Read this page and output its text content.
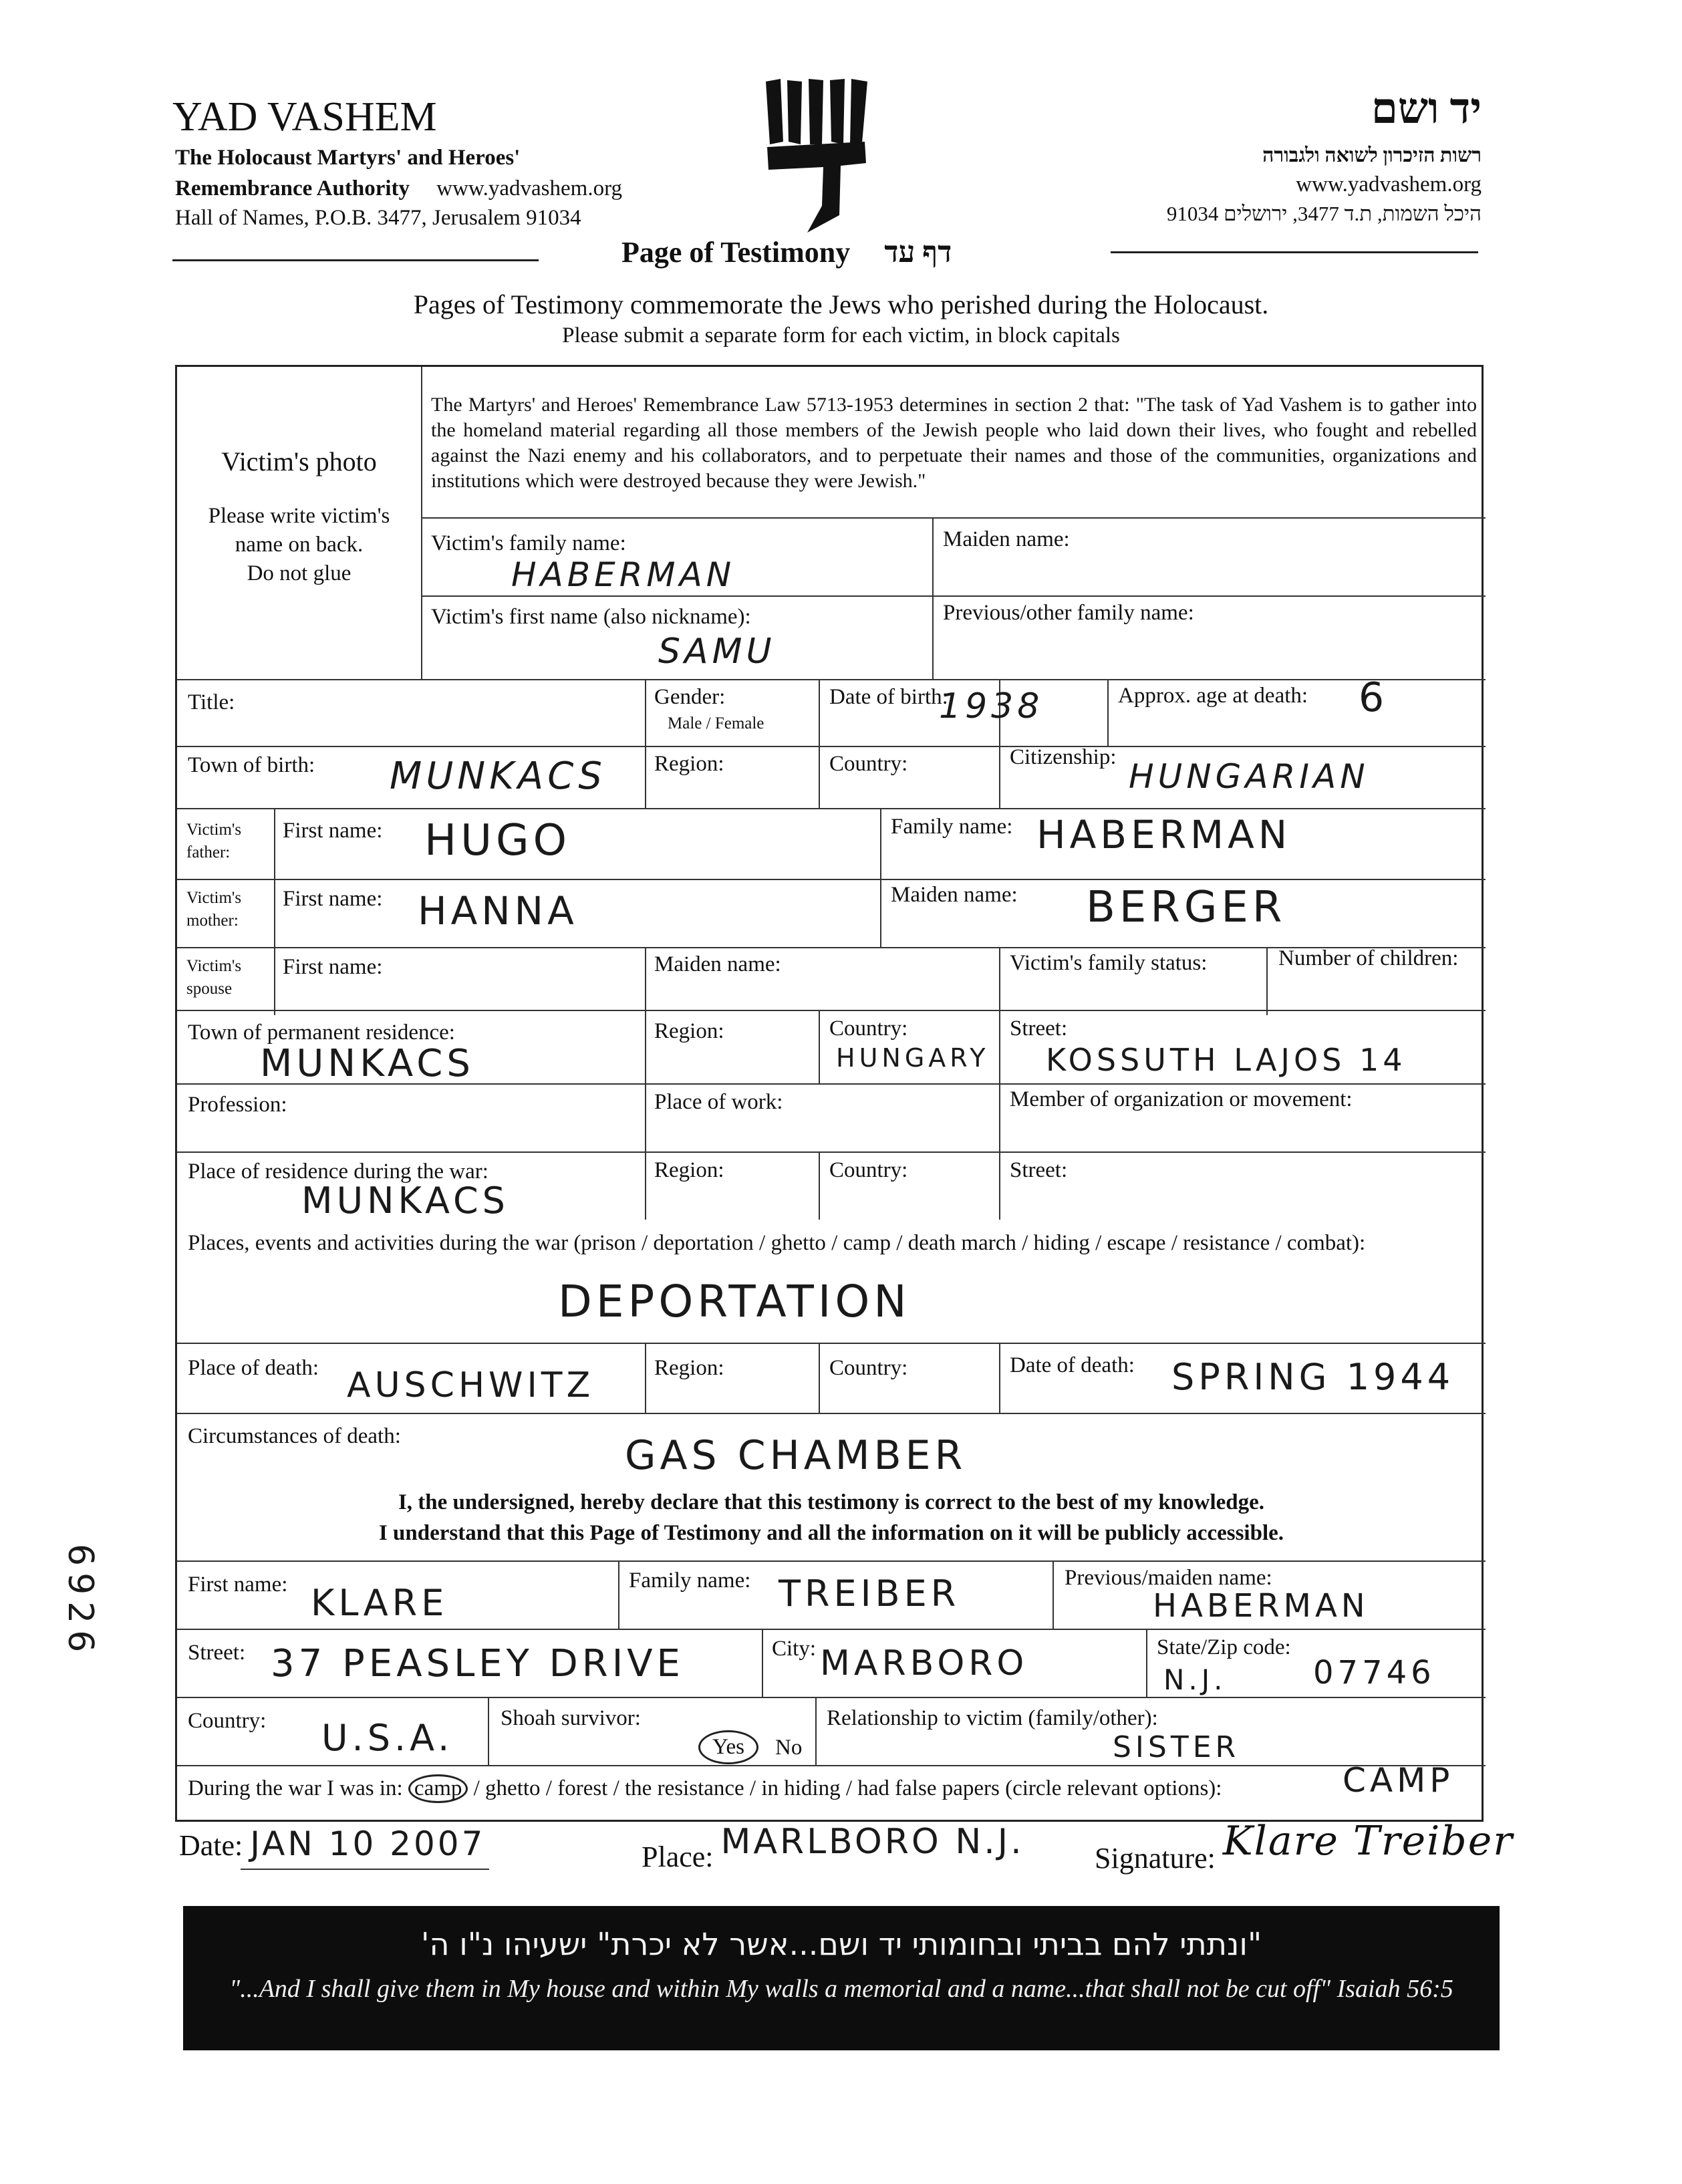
YAD VASHEM
The Holocaust Martyrs' and Heroes'
Remembrance Authority www.yadvashem.org
Hall of Names, P.O.B. 3477, Jerusalem 91034
יד ושם
רשות הזיכרון לשואה ולגבורה
www.yadvashem.org
היכל השמות, ת.ד 3477, ירושלים 91034
Page of Testimony דף עד
Pages of Testimony commemorate the Jews who perished during the Holocaust.
Please submit a separate form for each victim, in block capitals
Victim's photo
Please write victim's
name on back.
Do not glue
The Martyrs' and Heroes' Remembrance Law 5713-1953 determines in section 2 that: "The task of Yad Vashem is to gather into the homeland material regarding all those members of the Jewish people who laid down their lives, who fought and rebelled against the Nazi enemy and his collaborators, and to perpetuate their names and those of the communities, organizations and institutions which were destroyed because they were Jewish."
Victim's family name:
HABERMAN
Maiden name:
Victim's first name (also nickname):
SAMU
Previous/other family name:
Title:	Gender:
Male / Female
Date of birth:
1938	Approx. age at death: 6
Town of birth: MUNKACS Region:	Country:	Citizenship: HUNGARIAN
Victim's father:
First name: HUGO	Family name: HABERMAN
Victim's mother:
First name: HANNA	Maiden name: BERGER
Victim's spouse
First name:	Maiden name:	Victim's family status:	Number of children:
Town of permanent residence:
MUNKACS
Region:	Country:
HUNGARY
Street:
KOSSUTH LAJOS 14
Profession:	Place of work:	Member of organization or movement:
Place of residence during the war:
MUNKACS
Region:	Country:	Street:
Places, events and activities during the war (prison / deportation / ghetto / camp / death march / hiding / escape / resistance / combat):
DEPORTATION
Place of death: AUSCHWITZ	Region:	Country:	Date of death: SPRING 1944
Circumstances of death:	GAS CHAMBER
I, the undersigned, hereby declare that this testimony is correct to the best of my knowledge.
I understand that this Page of Testimony and all the information on it will be publicly accessible.
First name: KLARE
Family name: TREIBER	Previous/maiden name:
HABERMAN
Street: 37 PEASLEY DRIVE	City: MARBORO	State/Zip code:
N.J.	07746
Country: U.S.A. Shoah survivor:
Yes	No
Relationship to victim (family/other):
SISTER
During the war I was in: camp / ghetto / forest / the resistance / in hiding / had false papers (circle relevant options):	CAMP
6926
Date: JAN 10 2007	Place: MARLBORO N.J. Signature: Klare Treiber
"ונתתי להם בביתי ובחומותי יד ושם...אשר לא יכרת" ישעיהו נ"ו ה'
"...And I shall give them in My house and within My walls a memorial and a name...that shall not be cut off" Isaiah 56:5
